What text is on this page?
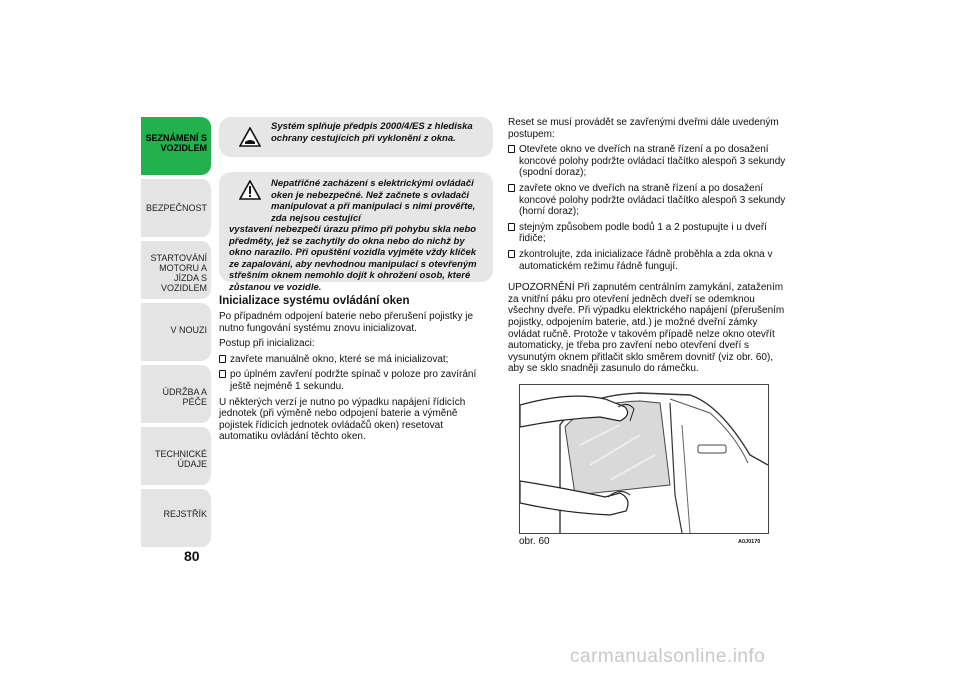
SEZNÁMENÍ S
VOZIDLEM
BEZPEČNOST
STARTOVÁNÍ
MOTORU A JÍZDA S
VOZIDLEM
V NOUZI
ÚDRŽBA A PÉČE
TECHNICKÉ ÚDAJE
REJSTŘÍK
80
Systém splňuje předpis 2000/4/ES z hlediska ochrany cestujících při vyklonění z okna.
Nepatřičné zacházení s elektrickými ovládači oken je nebezpečné. Než začnete s ovladači manipulovat a při manipulaci s nimi prověřte, zda nejsou cestující
vystavení nebezpečí úrazu přímo při pohybu skla nebo předměty, jež se zachytily do okna nebo do nichž by okno narazilo. Při opuštění vozidla vyjměte vždy klíček ze zapalování, aby nevhodnou manipulací s otevřeným střešním oknem nemohlo dojít k ohrožení osob, které zůstanou ve vozidle.
Inicializace systému ovládání oken

Po případném odpojení baterie nebo přerušení pojistky je nutno fungování systému znovu inicializovat.

Postup při inicializaci:

zavřete manuálně okno, které se má inicializovat;
po úplném zavření podržte spínač v poloze pro zavírání ještě nejméně 1 sekundu.

U některých verzí je nutno po výpadku napájení řídicích jednotek (při výměně nebo odpojení baterie a výměně pojistek řídicích jednotek ovládačů oken) resetovat automatiku ovládání těchto oken.

Reset se musí provádět se zavřenými dveřmi dále uvedeným postupem:

Otevřete okno ve dveřích na straně řízení a po dosažení koncové polohy podržte ovládací tlačítko alespoň 3 sekundy (spodní doraz);
zavřete okno ve dveřích na straně řízení a po dosažení koncové polohy podržte ovládací tlačítko alespoň 3 sekundy (horní doraz);
stejným způsobem podle bodů 1 a 2 postupujte i u dveří řidiče;
zkontrolujte, zda inicializace řádně proběhla a zda okna v automatickém režimu řádně fungují.

UPOZORNĚNÍ Při zapnutém centrálním zamykání, zatažením za vnitřní páku pro otevření jedněch dveří se odemknou všechny dveře. Při výpadku elektrického napájení (přerušením pojistky, odpojením baterie, atd.) je možné dveřní zámky ovládat ručně. Protože v takovém případě nelze okno otevřít automaticky, je třeba pro zavření nebo otevření dveří s vysunutým oknem přitlačit sklo směrem dovnitř (viz obr. 60), aby se sklo snadněji zasunulo do rámečku.

obr. 60	A0J0170
carmanualsonline.info
